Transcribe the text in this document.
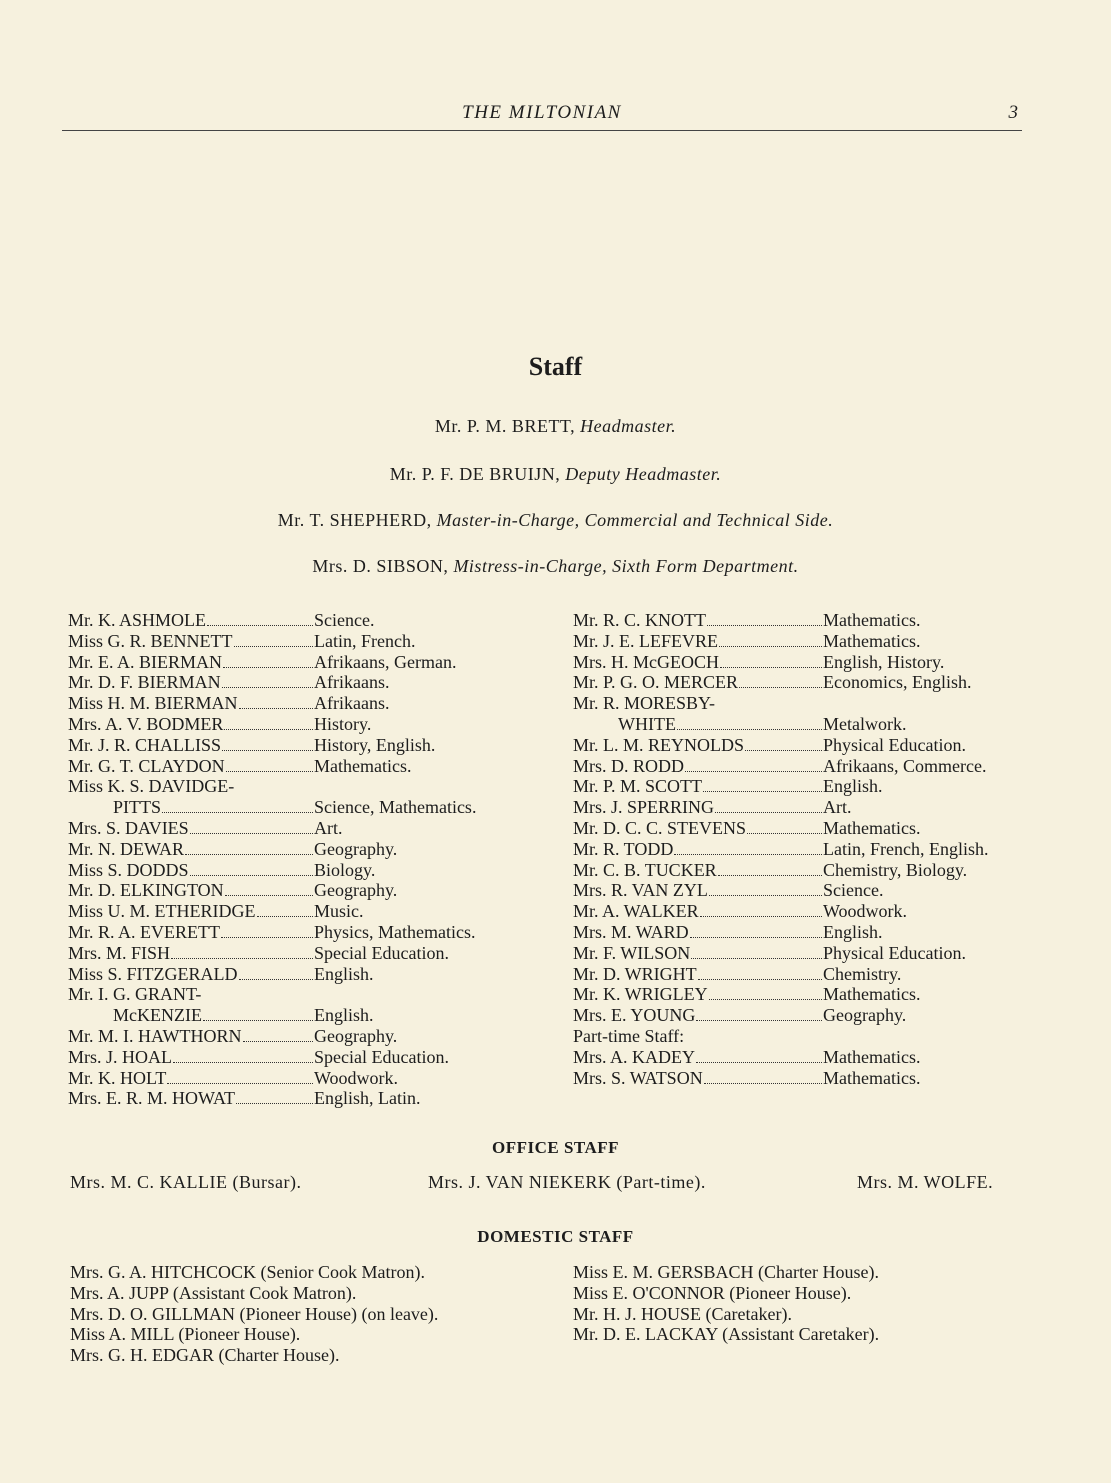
THE MILTONIAN	3
Staff
Mr. P. M. BRETT, Headmaster.
Mr. P. F. DE BRUIJN, Deputy Headmaster.
Mr. T. SHEPHERD, Master-in-Charge, Commercial and Technical Side.
Mrs. D. SIBSON, Mistress-in-Charge, Sixth Form Department.
Mr. K. ASHMOLE	Science.
Miss G. R. BENNETT	Latin, French.
Mr. E. A. BIERMAN	Afrikaans, German.
Mr. D. F. BIERMAN	Afrikaans.
Miss H. M. BIERMAN	Afrikaans.
Mrs. A. V. BODMER	History.
Mr. J. R. CHALLISS	History, English.
Mr. G. T. CLAYDON	Mathematics.
Miss K. S. DAVIDGE-
PITTS	Science, Mathematics.
Mrs. S. DAVIES	Art.
Mr. N. DEWAR	Geography.
Miss S. DODDS	Biology.
Mr. D. ELKINGTON	Geography.
Miss U. M. ETHERIDGE	Music.
Mr. R. A. EVERETT	Physics, Mathematics.
Mrs. M. FISH	Special Education.
Miss S. FITZGERALD	English.
Mr. I. G. GRANT-
McKENZIE	English.
Mr. M. I. HAWTHORN	Geography.
Mrs. J. HOAL	Special Education.
Mr. K. HOLT	Woodwork.
Mrs. E. R. M. HOWAT	English, Latin.
Mr. R. C. KNOTT	Mathematics.
Mr. J. E. LEFEVRE	Mathematics.
Mrs. H. McGEOCH	English, History.
Mr. P. G. O. MERCER	Economics, English.
Mr. R. MORESBY-
WHITE	Metalwork.
Mr. L. M. REYNOLDS	Physical Education.
Mrs. D. RODD	Afrikaans, Commerce.
Mr. P. M. SCOTT	English.
Mrs. J. SPERRING	Art.
Mr. D. C. C. STEVENS	Mathematics.
Mr. R. TODD	Latin, French, English.
Mr. C. B. TUCKER	Chemistry, Biology.
Mrs. R. VAN ZYL	Science.
Mr. A. WALKER	Woodwork.
Mrs. M. WARD	English.
Mr. F. WILSON	Physical Education.
Mr. D. WRIGHT	Chemistry.
Mr. K. WRIGLEY	Mathematics.
Mrs. E. YOUNG	Geography.
Part-time Staff:
Mrs. A. KADEY	Mathematics.
Mrs. S. WATSON	Mathematics.
OFFICE STAFF
Mrs. M. C. KALLIE (Bursar).	Mrs. J. VAN NIEKERK (Part-time).	Mrs. M. WOLFE.
DOMESTIC STAFF
Mrs. G. A. HITCHCOCK (Senior Cook Matron).
Mrs. A. JUPP (Assistant Cook Matron).
Mrs. D. O. GILLMAN (Pioneer House) (on leave).
Miss A. MILL (Pioneer House).
Mrs. G. H. EDGAR (Charter House).
Miss E. M. GERSBACH (Charter House).
Miss E. O'CONNOR (Pioneer House).
Mr. H. J. HOUSE (Caretaker).
Mr. D. E. LACKAY (Assistant Caretaker).
